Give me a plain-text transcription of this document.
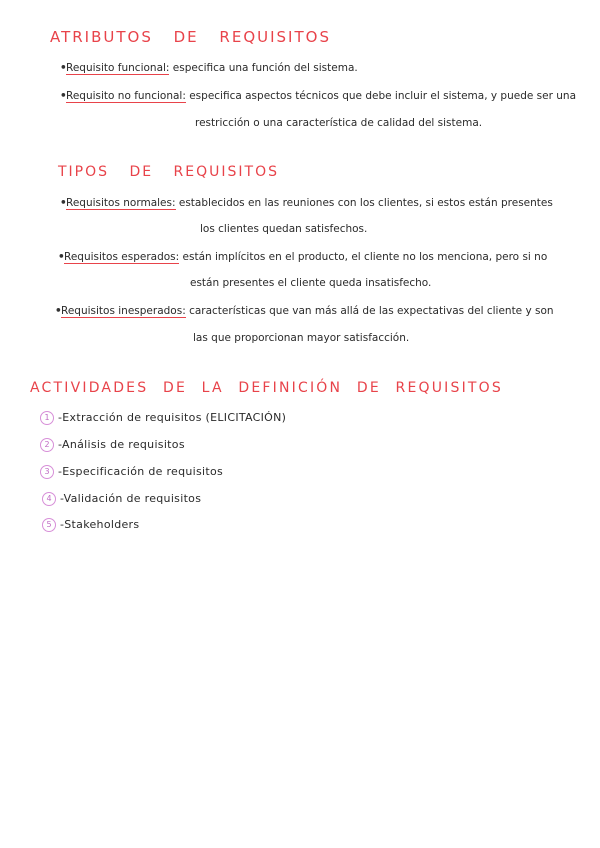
ATRIBUTOS DE REQUISITOS

•Requisito funcional: especifica una función del sistema.

•Requisito no funcional: especifica aspectos técnicos que debe incluir el sistema, y puede ser una

restricción o una característica de calidad del sistema.

TIPOS DE REQUISITOS

•Requisitos normales: establecidos en las reuniones con los clientes, si estos están presentes

los clientes quedan satisfechos.

•Requisitos esperados: están implícitos en el producto, el cliente no los menciona, pero si no

están presentes el cliente queda insatisfecho.

•Requisitos inesperados: características que van más allá de las expectativas del cliente y son

las que proporcionan mayor satisfacción.

ACTIVIDADES DE LA DEFINICIÓN DE REQUISITOS

1 -Extracción de requisitos (ELICITACIÓN)

2 -Análisis de requisitos

3 -Especificación de requisitos

4 -Validación de requisitos

5 -Stakeholders
